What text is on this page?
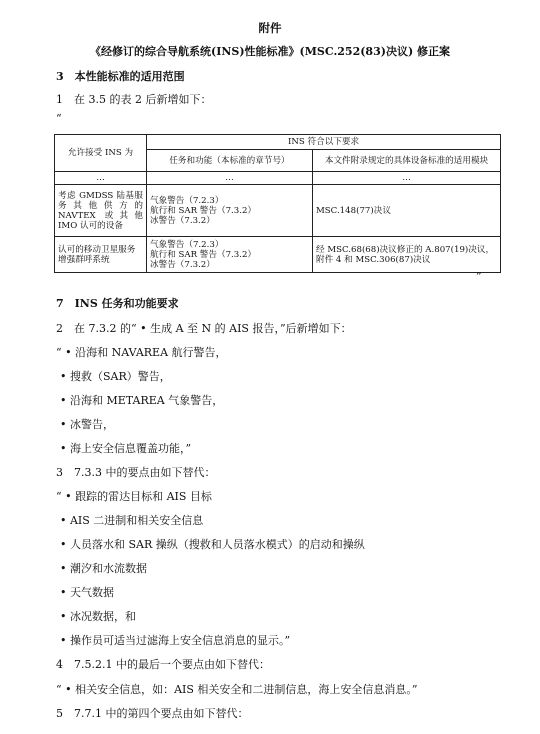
附件
《经修订的综合导航系统(INS)性能标准》(MSC.252(83)决议) 修正案
3　本性能标准的适用范围
1　在 3.5 的表 2 后新增如下：
“
允许接受 INS 为	INS 符合以下要求	
	任务和功能（本标准的章节号）	本文件附录规定的具体设备标准的适用模块
…	…	…
考虑 GMDSS 陆基服务其他供方的 NAVTEX 或其他 IMO 认可的设备	气象警告（7.2.3）
航行和 SAR 警告（7.3.2）
冰警告（7.3.2）	MSC.148(77)决议
认可的移动卫星服务增强群呼系统	气象警告（7.2.3）
航行和 SAR 警告（7.3.2）
冰警告（7.3.2）	经 MSC.68(68)决议修正的 A.807(19)决议，附件 4 和 MSC.306(87)决议
”
7　INS 任务和功能要求
2　在 7.3.2 的“ • 生成 A 至 N 的 AIS 报告，”后新增如下：
“ • 沿海和 NAVAREA 航行警告，
• 搜救（SAR）警告，
• 沿海和 METAREA 气象警告，
• 冰警告，
• 海上安全信息覆盖功能，”
3　7.3.3 中的要点由如下替代：
“ • 跟踪的雷达目标和 AIS 目标
• AIS 二进制和相关安全信息
• 人员落水和 SAR 操纵（搜救和人员落水模式）的启动和操纵
• 潮汐和水流数据
• 天气数据
• 冰况数据，和
• 操作员可适当过滤海上安全信息消息的显示。”
4　7.5.2.1 中的最后一个要点由如下替代：
“ • 相关安全信息，如：AIS 相关安全和二进制信息，海上安全信息消息。”
5　7.7.1 中的第四个要点由如下替代：
